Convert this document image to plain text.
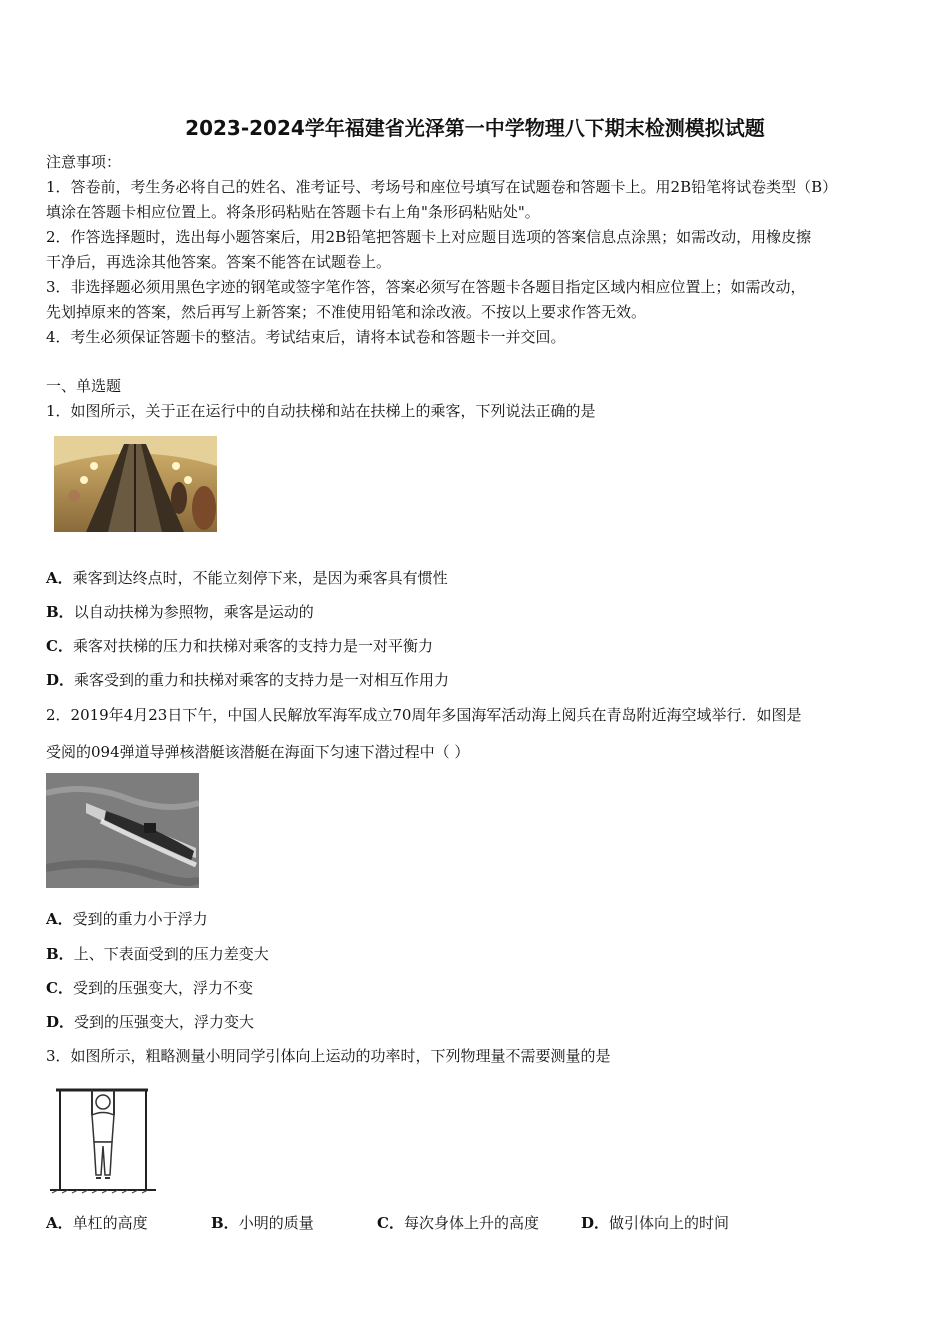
2023-2024学年福建省光泽第一中学物理八下期末检测模拟试题
注意事项：
1．答卷前，考生务必将自己的姓名、准考证号、考场号和座位号填写在试题卷和答题卡上。用2B铅笔将试卷类型（B）
填涂在答题卡相应位置上。将条形码粘贴在答题卡右上角"条形码粘贴处"。
2．作答选择题时，选出每小题答案后，用2B铅笔把答题卡上对应题目选项的答案信息点涂黑；如需改动，用橡皮擦
干净后，再选涂其他答案。答案不能答在试题卷上。
3．非选择题必须用黑色字迹的钢笔或签字笔作答，答案必须写在答题卡各题目指定区域内相应位置上；如需改动，
先划掉原来的答案，然后再写上新答案；不准使用铅笔和涂改液。不按以上要求作答无效。
4．考生必须保证答题卡的整洁。考试结束后，请将本试卷和答题卡一并交回。
一、单选题
1．如图所示，关于正在运行中的自动扶梯和站在扶梯上的乘客，下列说法正确的是
A．乘客到达终点时，不能立刻停下来，是因为乘客具有惯性
B．以自动扶梯为参照物，乘客是运动的
C．乘客对扶梯的压力和扶梯对乘客的支持力是一对平衡力
D．乘客受到的重力和扶梯对乘客的支持力是一对相互作用力
2．2019年4月23日下午，中国人民解放军海军成立70周年多国海军活动海上阅兵在青岛附近海空域举行．如图是
受阅的094弹道导弹核潜艇该潜艇在海面下匀速下潜过程中（ ）
A．受到的重力小于浮力
B．上、下表面受到的压力差变大
C．受到的压强变大，浮力不变
D．受到的压强变大，浮力变大
3．如图所示，粗略测量小明同学引体向上运动的功率时，下列物理量不需要测量的是
A．单杠的高度	B．小明的质量	C．每次身体上升的高度	D．做引体向上的时间
